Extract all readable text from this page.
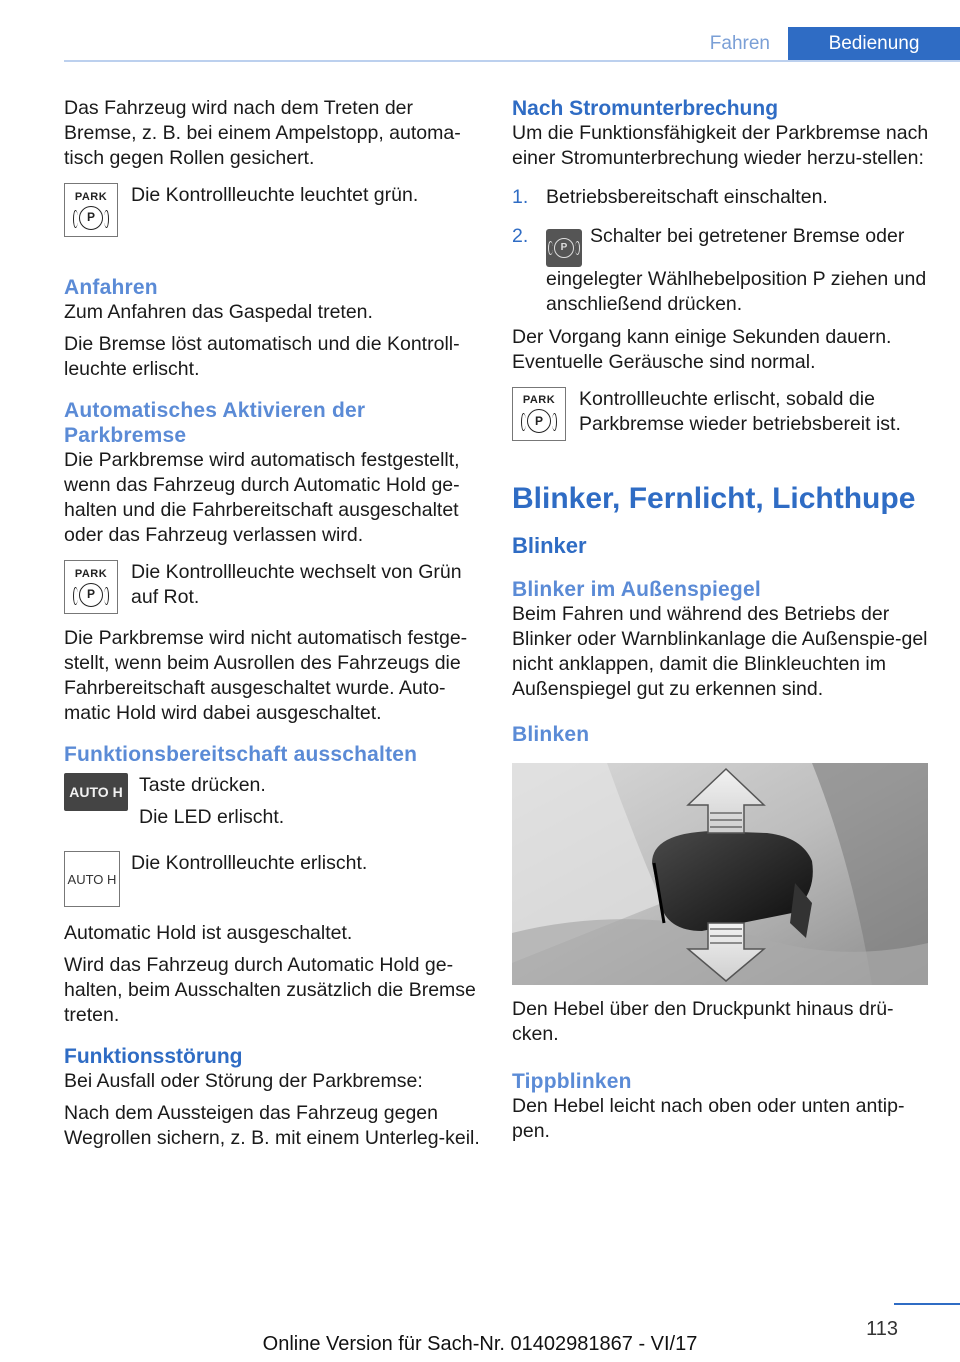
Fahren	Bedienung

Das Fahrzeug wird nach dem Treten der Bremse, z. B. bei einem Ampelstopp, automa‐tisch gegen Rollen gesichert.

PARK
P
Die Kontrollleuchte leuchtet grün.
Anfahren

Zum Anfahren das Gaspedal treten.

Die Bremse löst automatisch und die Kontroll‐leuchte erlischt.

Automatisches Aktivieren der Parkbremse

Die Parkbremse wird automatisch festgestellt, wenn das Fahrzeug durch Automatic Hold ge‐halten und die Fahrbereitschaft ausgeschaltet oder das Fahrzeug verlassen wird.

PARK
P
Die Kontrollleuchte wechselt von Grün auf Rot.

Die Parkbremse wird nicht automatisch festge‐stellt, wenn beim Ausrollen des Fahrzeugs die Fahrbereitschaft ausgeschaltet wurde. Auto‐matic Hold wird dabei ausgeschaltet.

Funktionsbereitschaft ausschalten
AUTO H Taste drücken.

Die LED erlischt.

AUTO H
Die Kontrollleuchte erlischt.

Automatic Hold ist ausgeschaltet.

Wird das Fahrzeug durch Automatic Hold ge‐halten, beim Ausschalten zusätzlich die Bremse treten.

Funktionsstörung

Bei Ausfall oder Störung der Parkbremse:

Nach dem Aussteigen das Fahrzeug gegen Wegrollen sichern, z. B. mit einem Unterleg‐keil.

Nach Stromunterbrechung

Um die Funktionsfähigkeit der Parkbremse nach einer Stromunterbrechung wieder herzu‐stellen:

1. Betriebsbereitschaft einschalten.
2.
P
Schalter bei getretener Bremse oder eingelegter Wählhebelposition P ziehen und anschließend drücken.

Der Vorgang kann einige Sekunden dauern. Eventuelle Geräusche sind normal.

PARK
P
Kontrollleuchte erlischt, sobald die Parkbremse wieder betriebsbereit ist.
Blinker, Fernlicht, Lichthupe
Blinker
Blinker im Außenspiegel

Beim Fahren und während des Betriebs der Blinker oder Warnblinkanlage die Außenspie‐gel nicht anklappen, damit die Blinkleuchten im Außenspiegel gut zu erkennen sind.

Blinken

Den Hebel über den Druckpunkt hinaus drü‐cken.

Tippblinken

Den Hebel leicht nach oben oder unten antip‐pen.

113
Online Version für Sach-Nr. 01402981867 - VI/17
